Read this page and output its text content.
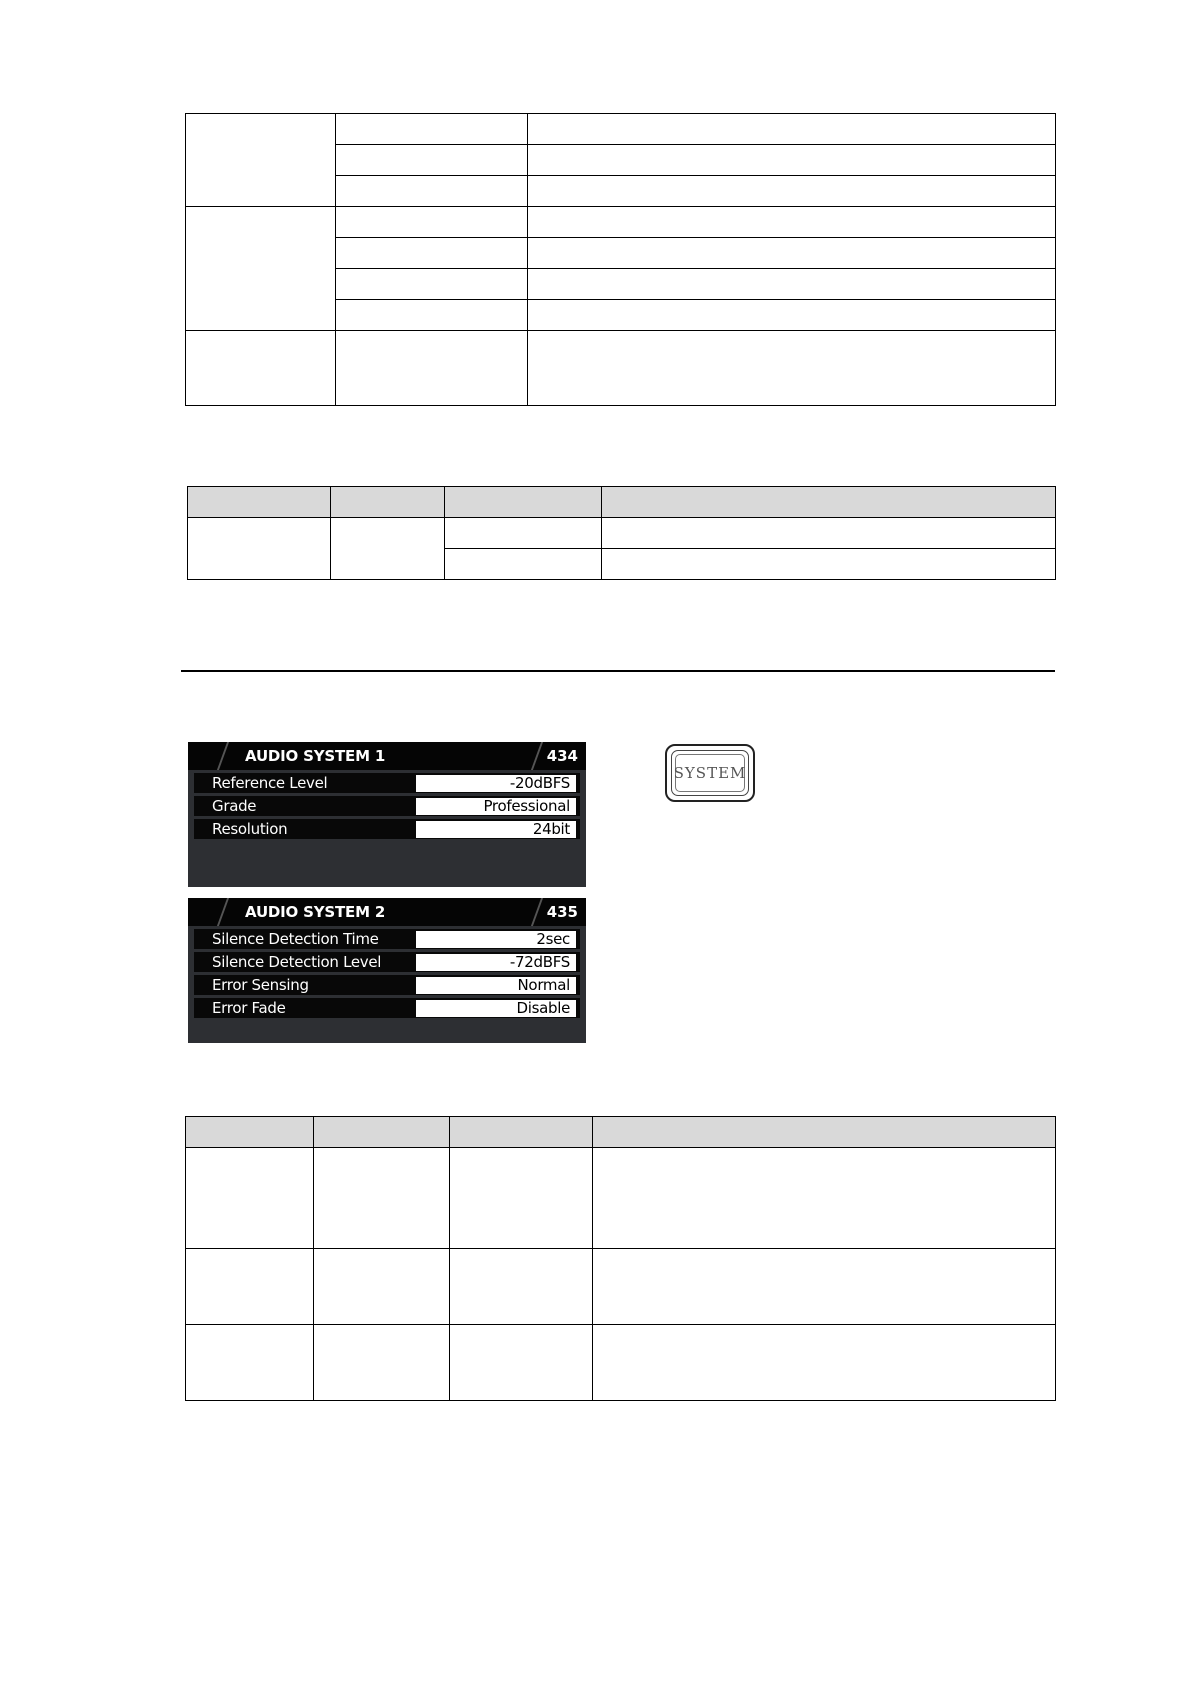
AUDIO SYSTEM 1	434
Reference Level	-20dBFS
Grade	Professional
Resolution	24bit
AUDIO SYSTEM 2	435
Silence Detection Time	2sec
Silence Detection Level	-72dBFS
Error Sensing	Normal
Error Fade	Disable
SYSTEM
